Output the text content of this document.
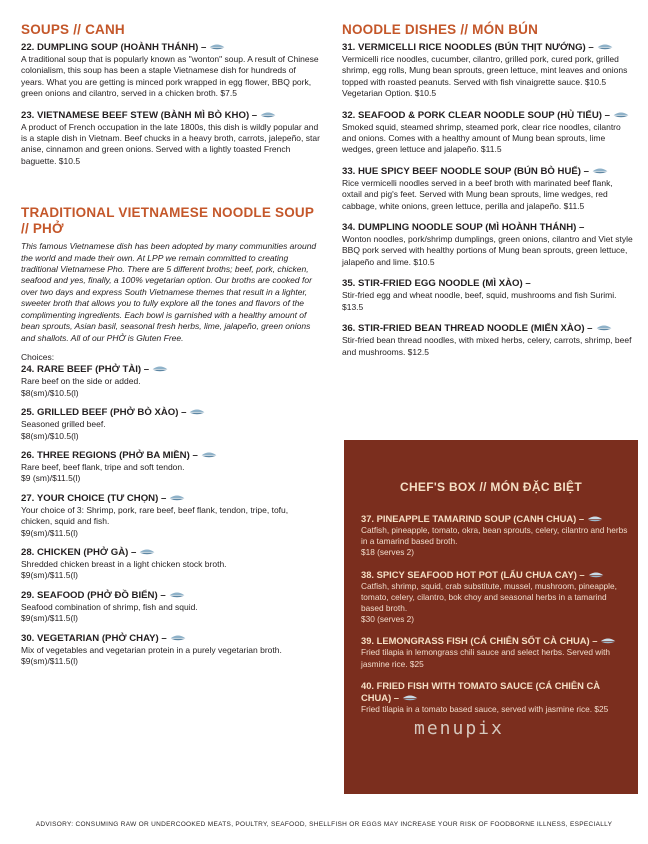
SOUPS // CANH
22. DUMPLING SOUP (HOÀNH THÁNH) –
A traditional soup that is popularly known as "wonton" soup. A result of Chinese colonialism, this soup has been a staple Vietnamese dish for hundreds of years. What you are getting is minced pork wrapped in egg flower, BBQ pork, green onions and cilantro, served in a chicken broth. $7.5
23. VIETNAMESE BEEF STEW (BÀNH MÌ BÒ KHO) –
A product of French occupation in the late 1800s, this dish is wildly popular and is a staple dish in Vietnam. Beef chucks in a heavy broth, carrots, jalepeño, star anise, cinnamon and green onions. Served with a lightly toasted French baguette. $10.5
TRADITIONAL VIETNAMESE NOODLE SOUP // PHỞ
This famous Vietnamese dish has been adopted by many communities around the world and made their own. At LPP we remain committed to creating traditional Vietnamese Pho. There are 5 different broths; beef, pork, chicken, seafood and yes, finally, a 100% vegetarian option. Our broths are cooked for over two days and express South Vietnamese themes that result in a lighter, sweeter broth that allows you to fully explore all the tones and flavors of the complimenting ingredients. Each bowl is garnished with a healthy amount of bean sprouts, Asian basil, seasonal fresh herbs, lime, jalapeño, green onions and shallots. All of our PHỞ is Gluten Free.
Choices:
24. RARE BEEF (PHỞ TÀI) –
Rare beef on the side or added.
$8(sm)/$10.5(l)
25. GRILLED BEEF (PHỞ BÒ XÀO) –
Seasoned grilled beef.
$8(sm)/$10.5(l)
26. THREE REGIONS (PHỞ BA MIỀN) –
Rare beef, beef flank, tripe and soft tendon.
$9 (sm)/$11.5(l)
27. YOUR CHOICE (TƯ CHỌN) –
Your choice of 3: Shrimp, pork, rare beef, beef flank, tendon, tripe, tofu, chicken, squid and fish.
$9(sm)/$11.5(l)
28. CHICKEN (PHỞ GÀ) –
Shredded chicken breast in a light chicken stock broth.
$9(sm)/$11.5(l)
29. SEAFOOD (PHỞ ĐỒ BIỂN) –
Seafood combination of shrimp, fish and squid.
$9(sm)/$11.5(l)
30. VEGETARIAN (PHỞ CHAY) –
Mix of vegetables and vegetarian protein in a purely vegetarian broth.
$9(sm)/$11.5(l)
NOODLE DISHES // MÓN BÚN
31. VERMICELLI RICE NOODLES (BÚN THỊT NƯỚNG) –
Vermicelli rice noodles, cucumber, cilantro, grilled pork, cured pork, grilled shrimp, egg rolls, Mung bean sprouts, green lettuce, mint leaves and onions topped with roasted peanuts. Served with fish vinaigrette sauce. $10.5 Vegetarian Option. $10.5
32. SEAFOOD & PORK CLEAR NOODLE SOUP (HỦ TIẾU) –
Smoked squid, steamed shrimp, steamed pork, clear rice noodles, cilantro and onions. Comes with a healthy amount of Mung bean sprouts, lime wedges, green lettuce and jalapeño. $11.5
33. HUE SPICY BEEF NOODLE SOUP (BÚN BÒ HUẾ) –
Rice vermicelli noodles served in a beef broth with marinated beef flank, oxtail and pig's feet. Served with Mung bean sprouts, lime wedges, red cabbage, white onions, green lettuce, perilla and jalapeño. $11.5
34. DUMPLING NOODLE SOUP (MÌ HOÀNH THÁNH) –
Wonton noodles, pork/shrimp dumplings, green onions, cilantro and Viet style BBQ pork served with healthy portions of Mung bean sprouts, green lettuce, jalapeño and lime. $10.5
35. STIR-FRIED EGG NOODLE (MÌ XÀO) –
Stir-fried egg and wheat noodle, beef, squid, mushrooms and fish Surimi. $13.5
36. STIR-FRIED BEAN THREAD NOODLE (MIẾN XÀO) –
Stir-fried bean thread noodles, with mixed herbs, celery, carrots, shrimp, beef and mushrooms. $12.5
CHEF'S BOX // MÓN ĐẶC BIỆT
37. PINEAPPLE TAMARIND SOUP (CANH CHUA) –
Catfish, pineapple, tomato, okra, bean sprouts, celery, cilantro and herbs in a tamarind based broth.
$18 (serves 2)
38. SPICY SEAFOOD HOT POT (LẨU CHUA CAY) –
Catfish, shrimp, squid, crab substitute, mussel, mushroom, pineapple, tomato, celery, cilantro, bok choy and seasonal herbs in a tamarind based broth.
$30 (serves 2)
39. LEMONGRASS FISH (CÁ CHIÊN SỐT CÀ CHUA) –
Fried tilapia in lemongrass chili sauce and select herbs. Served with jasmine rice. $25
40. FRIED FISH WITH TOMATO SAUCE (CÁ CHIÊN CÀ CHUA) –
Fried tilapia in a tomato based sauce, served with jasmine rice. $25
menupix
ADVISORY: CONSUMING RAW OR UNDERCOOKED MEATS, POULTRY, SEAFOOD, SHELLFISH OR EGGS MAY INCREASE YOUR RISK OF FOODBORNE ILLNESS, ESPECIALLY
